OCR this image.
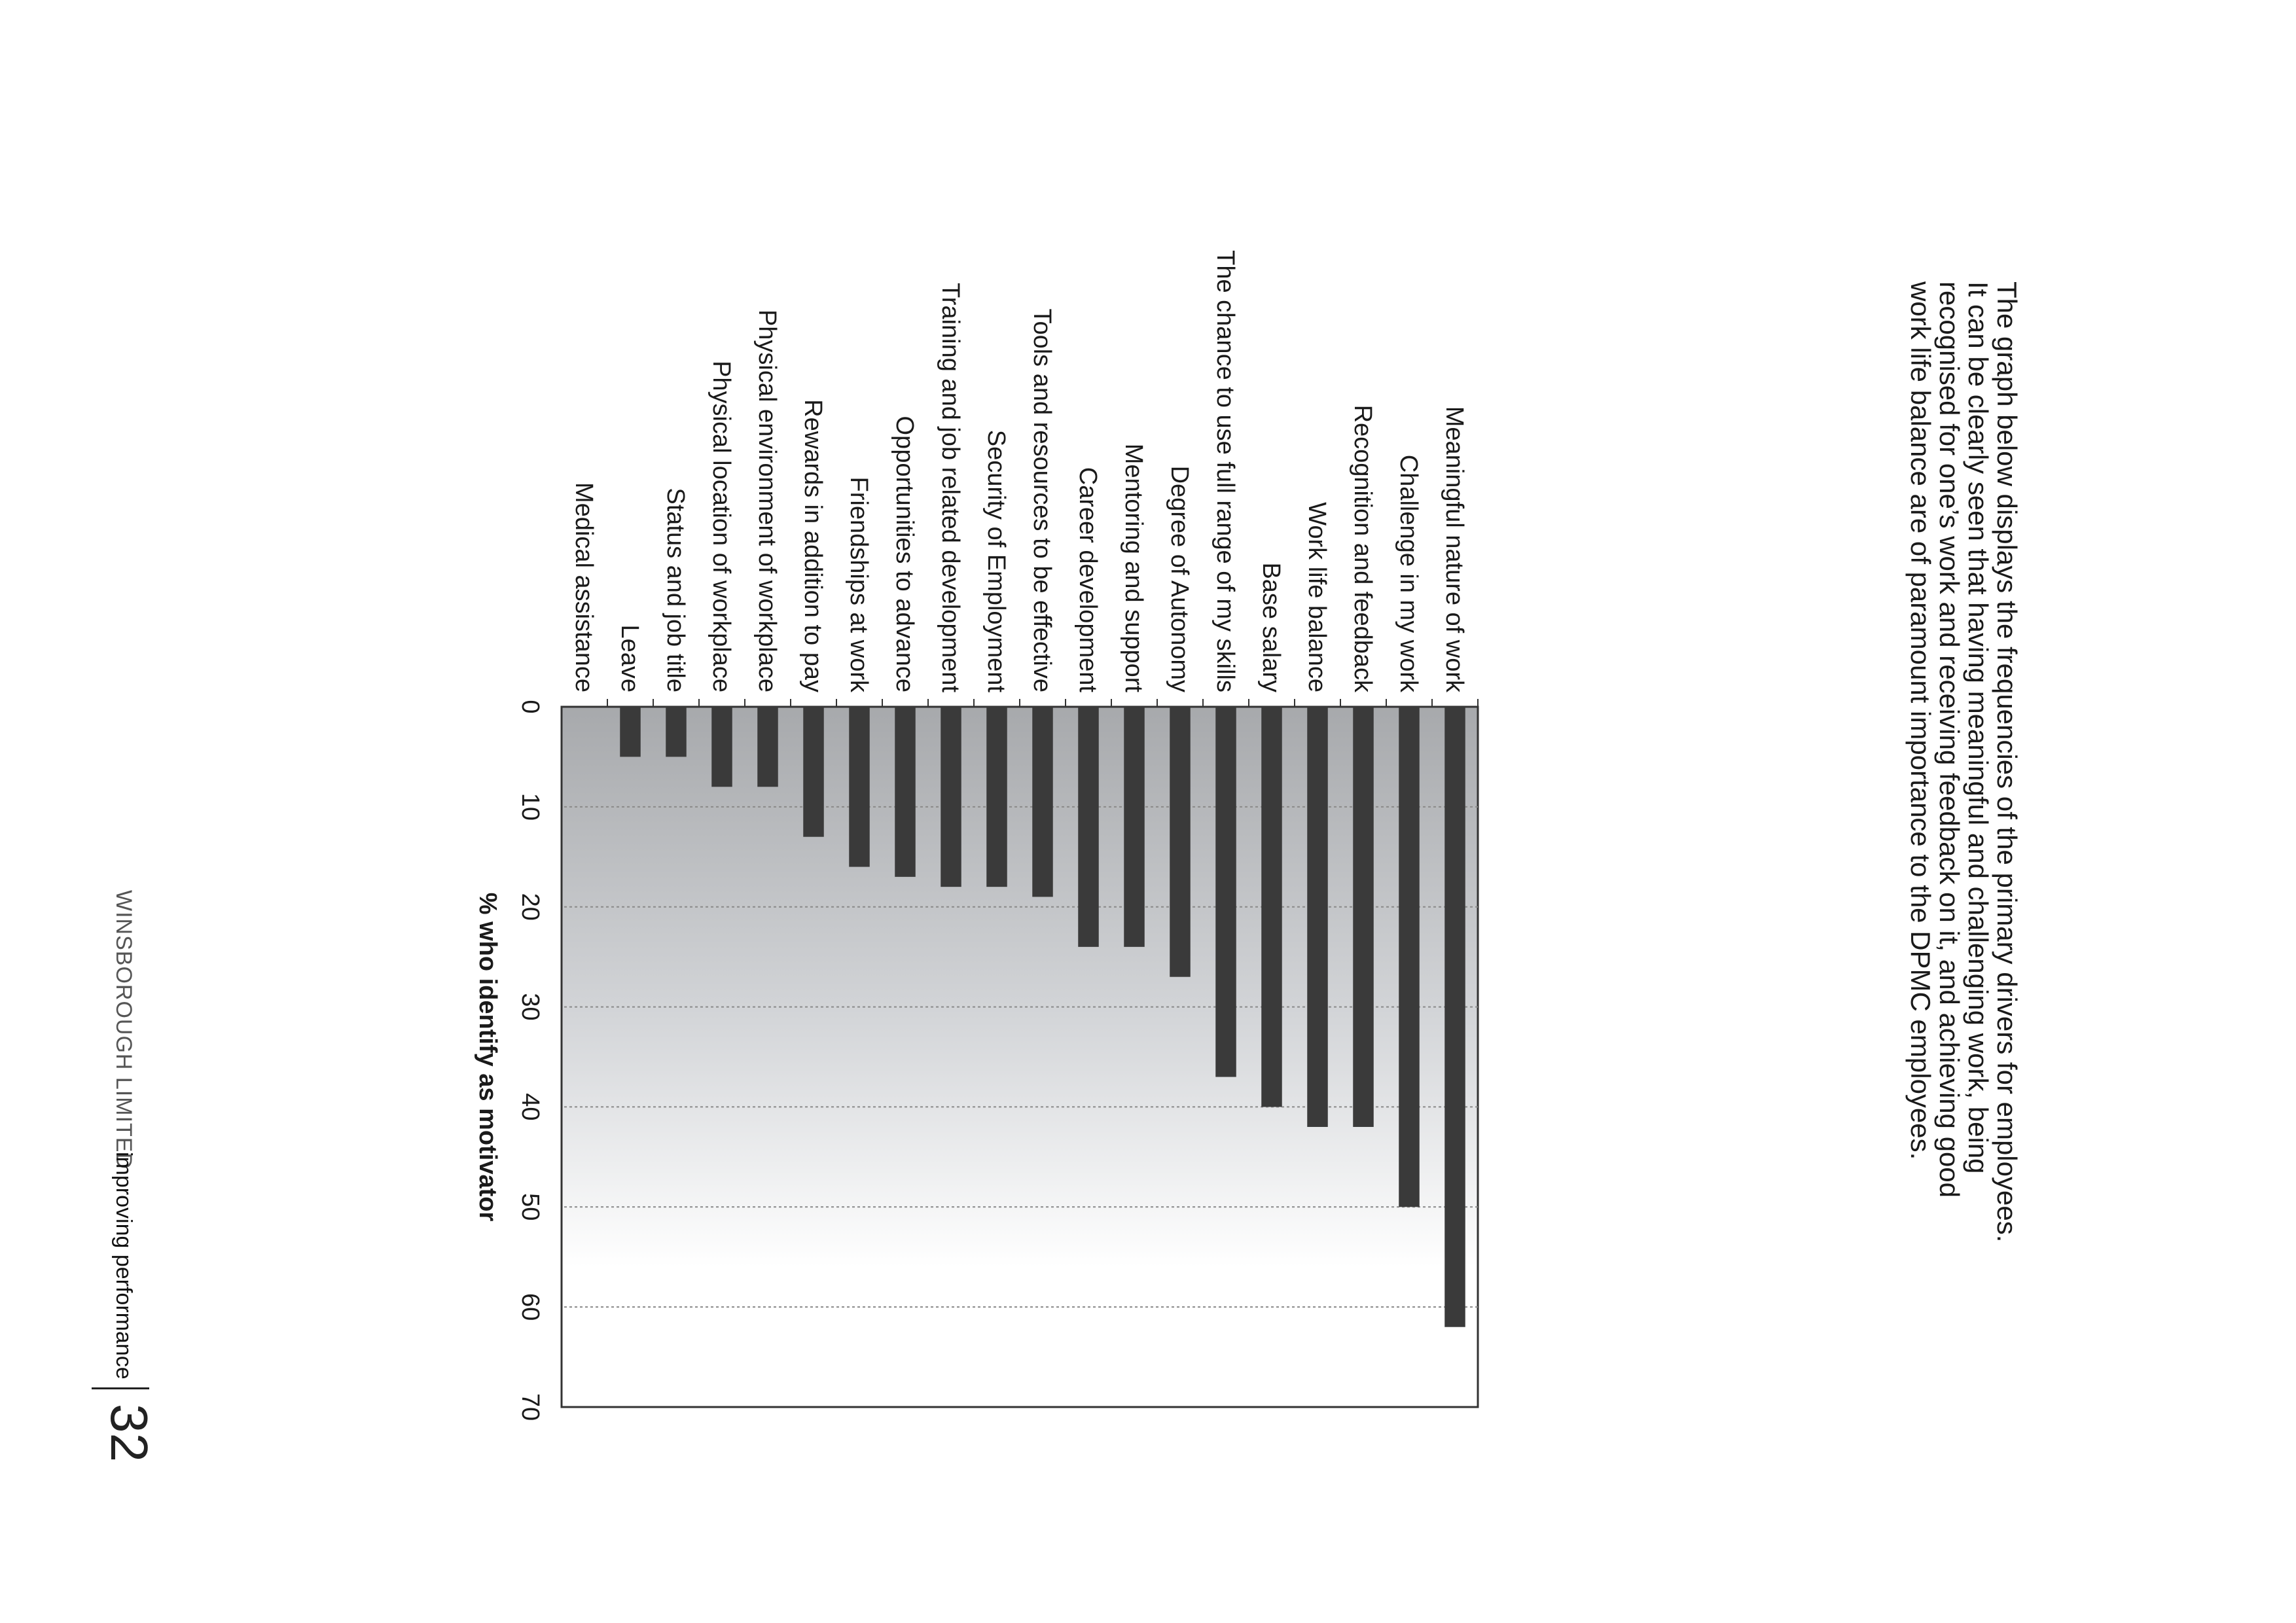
The graph below displays the frequencies of the primary drivers for employees. It can be clearly seen that having meaningful and challenging work, being recognised for one’s work and receiving feedback on it, and achieving good work life balance are of paramount importance to the DPMC employees.

Meaningful nature of work
Challenge in my work
Recognition and feedback
Work life balance
Base salary
The chance to use full range of my skills
Degree of Autonomy
Mentoring and support
Career development
Tools and resources to be effective
Security of Employment
Training and job related development
Opportunities to advance
Friendships at work
Rewards in addition to pay
Physical environment of workplace
Physical location of workplace
Status and job title
Leave
Medical assistance
0
10
20
30
40
50
60
70
% who identify as motivator
WINSBOROUGH LIMITED
improving performance
32
